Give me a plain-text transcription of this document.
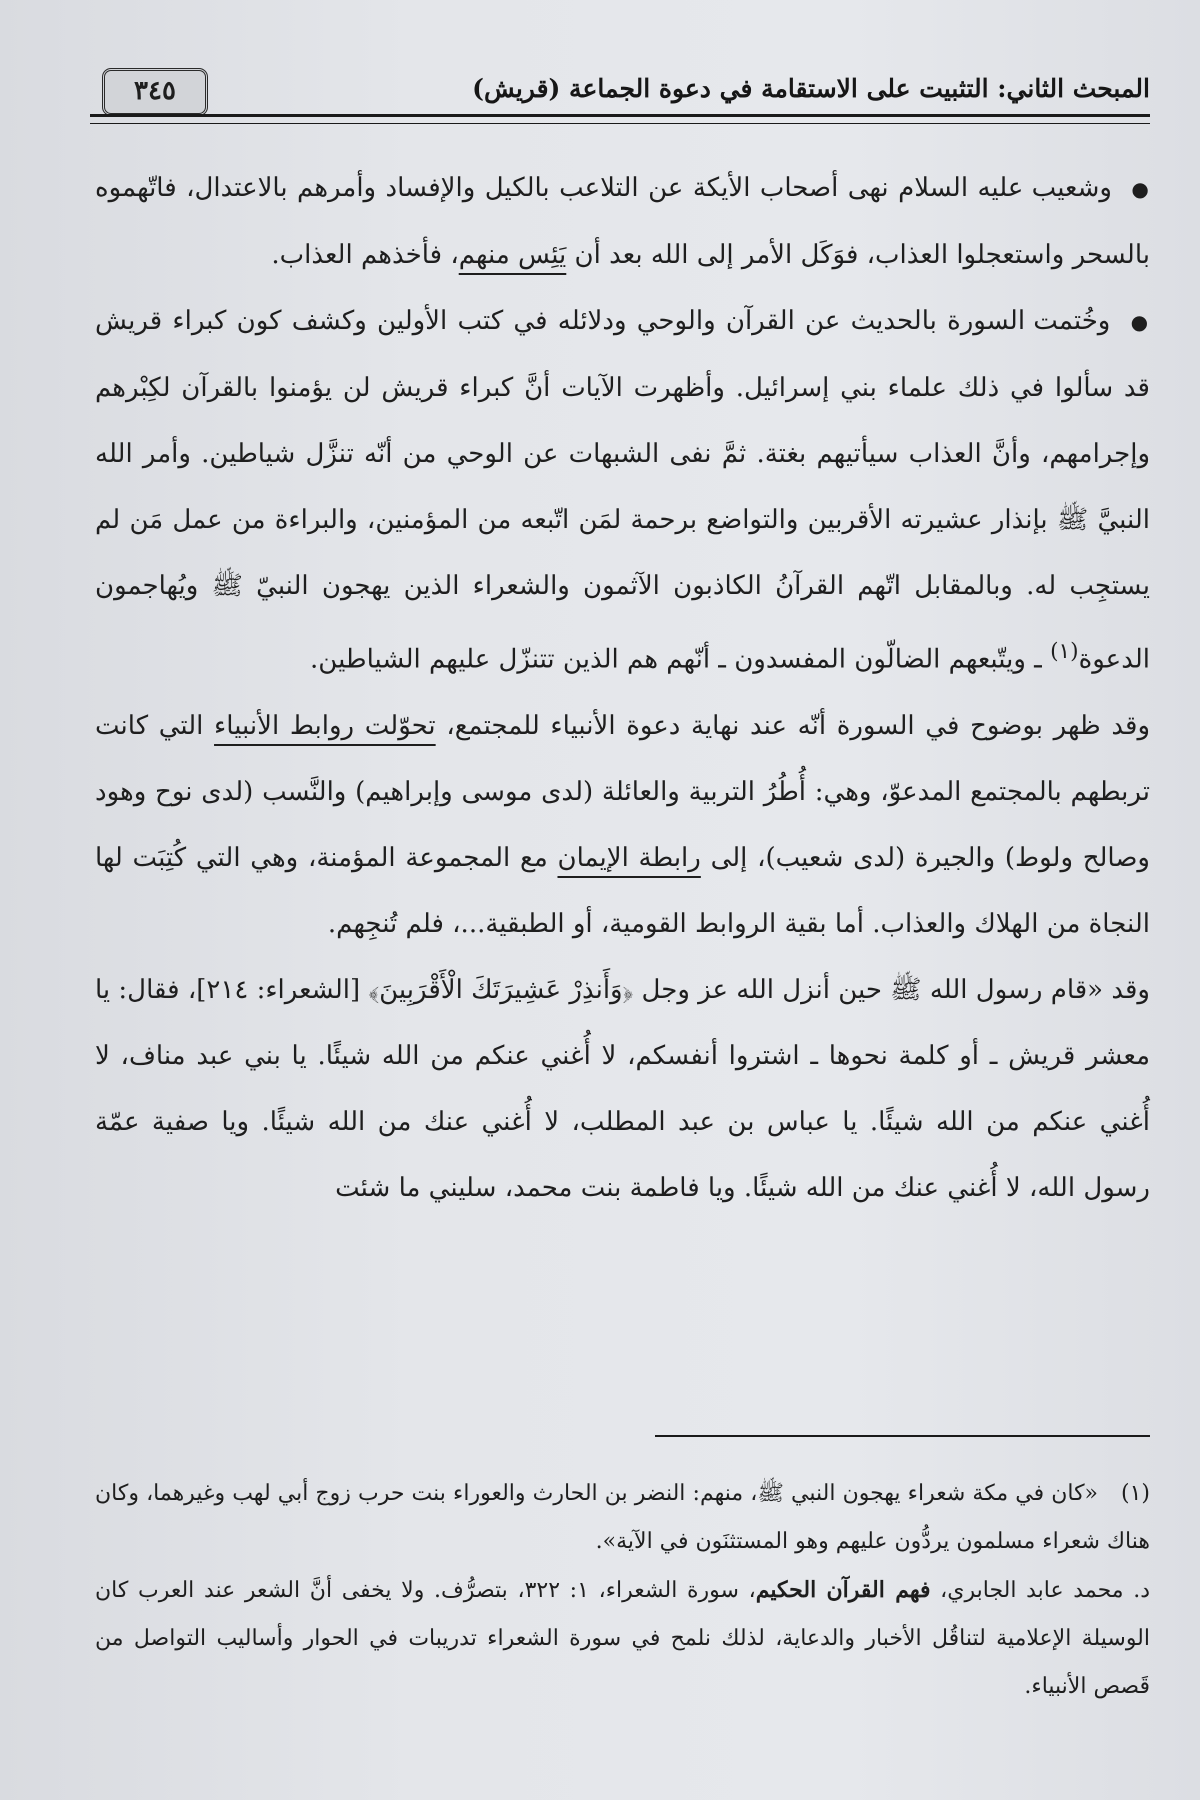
المبحث الثاني: التثبيت على الاستقامة في دعوة الجماعة (قريش)
٣٤٥

● وشعيب عليه السلام نهى أصحاب الأيكة عن التلاعب بالكيل والإفساد وأمرهم بالاعتدال، فاتّهموه بالسحر واستعجلوا العذاب، فوَكَل الأمر إلى الله بعد أن يَئِس منهم، فأخذهم العذاب.

● وخُتمت السورة بالحديث عن القرآن والوحي ودلائله في كتب الأولين وكشف كون كبراء قريش قد سألوا في ذلك علماء بني إسرائيل. وأظهرت الآيات أنَّ كبراء قريش لن يؤمنوا بالقرآن لكِبْرهم وإجرامهم، وأنَّ العذاب سيأتيهم بغتة. ثمَّ نفى الشبهات عن الوحي من أنّه تنزَّل شياطين. وأمر الله النبيَّ ﷺ بإنذار عشيرته الأقربين والتواضع برحمة لمَن اتّبعه من المؤمنين، والبراءة من عمل مَن لم يستجِب له. وبالمقابل اتّهم القرآنُ الكاذبون الآثمون والشعراء الذين يهجون النبيّ ﷺ ويُهاجمون الدعوة$^{(١)}$ ـ ويتّبعهم الضالّون المفسدون ـ أنّهم هم الذين تتنزّل عليهم الشياطين.

وقد ظهر بوضوح في السورة أنّه عند نهاية دعوة الأنبياء للمجتمع، تحوّلت روابط الأنبياء التي كانت تربطهم بالمجتمع المدعوّ، وهي: أُطُرُ التربية والعائلة (لدى موسى وإبراهيم) والنَّسب (لدى نوح وهود وصالح ولوط) والجيرة (لدى شعيب)، إلى رابطة الإيمان مع المجموعة المؤمنة، وهي التي كُتِبَت لها النجاة من الهلاك والعذاب. أما بقية الروابط القومية، أو الطبقية...، فلم تُنجِهم.

وقد «قام رسول الله ﷺ حين أنزل الله عز وجل ﴿وَأَنذِرْ عَشِيرَتَكَ الْأَقْرَبِينَ﴾ [الشعراء: ٢١٤]، فقال: يا معشر قريش ـ أو كلمة نحوها ـ اشتروا أنفسكم، لا أُغني عنكم من الله شيئًا. يا بني عبد مناف، لا أُغني عنكم من الله شيئًا. يا عباس بن عبد المطلب، لا أُغني عنك من الله شيئًا. ويا صفية عمّة رسول الله، لا أُغني عنك من الله شيئًا. ويا فاطمة بنت محمد، سليني ما شئت

(١)«كان في مكة شعراء يهجون النبي ﷺ، منهم: النضر بن الحارث والعوراء بنت حرب زوج أبي لهب وغيرهما، وكان هناك شعراء مسلمون يردُّون عليهم وهو المستثنَون في الآية».

د. محمد عابد الجابري، فهم القرآن الحكيم، سورة الشعراء، ١: ٣٢٢، بتصرُّف. ولا يخفى أنَّ الشعر عند العرب كان الوسيلة الإعلامية لتناقُل الأخبار والدعاية، لذلك نلمح في سورة الشعراء تدريبات في الحوار وأساليب التواصل من قَصص الأنبياء.
